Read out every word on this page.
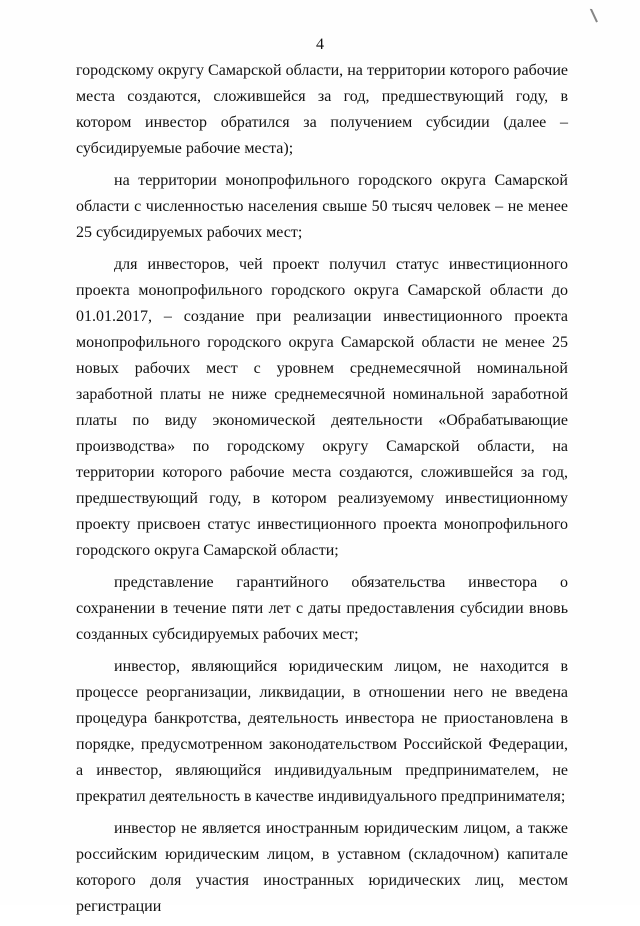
4

городскому округу Самарской области, на территории которого рабочие места создаются, сложившейся за год, предшествующий году, в котором инвестор обратился за получением субсидии (далее – субсидируемые рабочие места);

на территории монопрофильного городского округа Самарской области с численностью населения свыше 50 тысяч человек – не менее 25 субсидируемых рабочих мест;

для инвесторов, чей проект получил статус инвестиционного проекта монопрофильного городского округа Самарской области до 01.01.2017, – создание при реализации инвестиционного проекта монопрофильного городского округа Самарской области не менее 25 новых рабочих мест с уровнем среднемесячной номинальной заработной платы не ниже среднемесячной номинальной заработной платы по виду экономической деятельности «Обрабатывающие производства» по городскому округу Самарской области, на территории которого рабочие места создаются, сложившейся за год, предшествующий году, в котором реализуемому инвестиционному проекту присвоен статус инвестиционного проекта монопрофильного городского округа Самарской области;

представление гарантийного обязательства инвестора о сохранении в течение пяти лет с даты предоставления субсидии вновь созданных субсидируемых рабочих мест;

инвестор, являющийся юридическим лицом, не находится в процессе реорганизации, ликвидации, в отношении него не введена процедура банкротства, деятельность инвестора не приостановлена в порядке, предусмотренном законодательством Российской Федерации, а инвестор, являющийся индивидуальным предпринимателем, не прекратил деятельность в качестве индивидуального предпринимателя;

инвестор не является иностранным юридическим лицом, а также российским юридическим лицом, в уставном (складочном) капитале которого доля участия иностранных юридических лиц, местом регистрации
